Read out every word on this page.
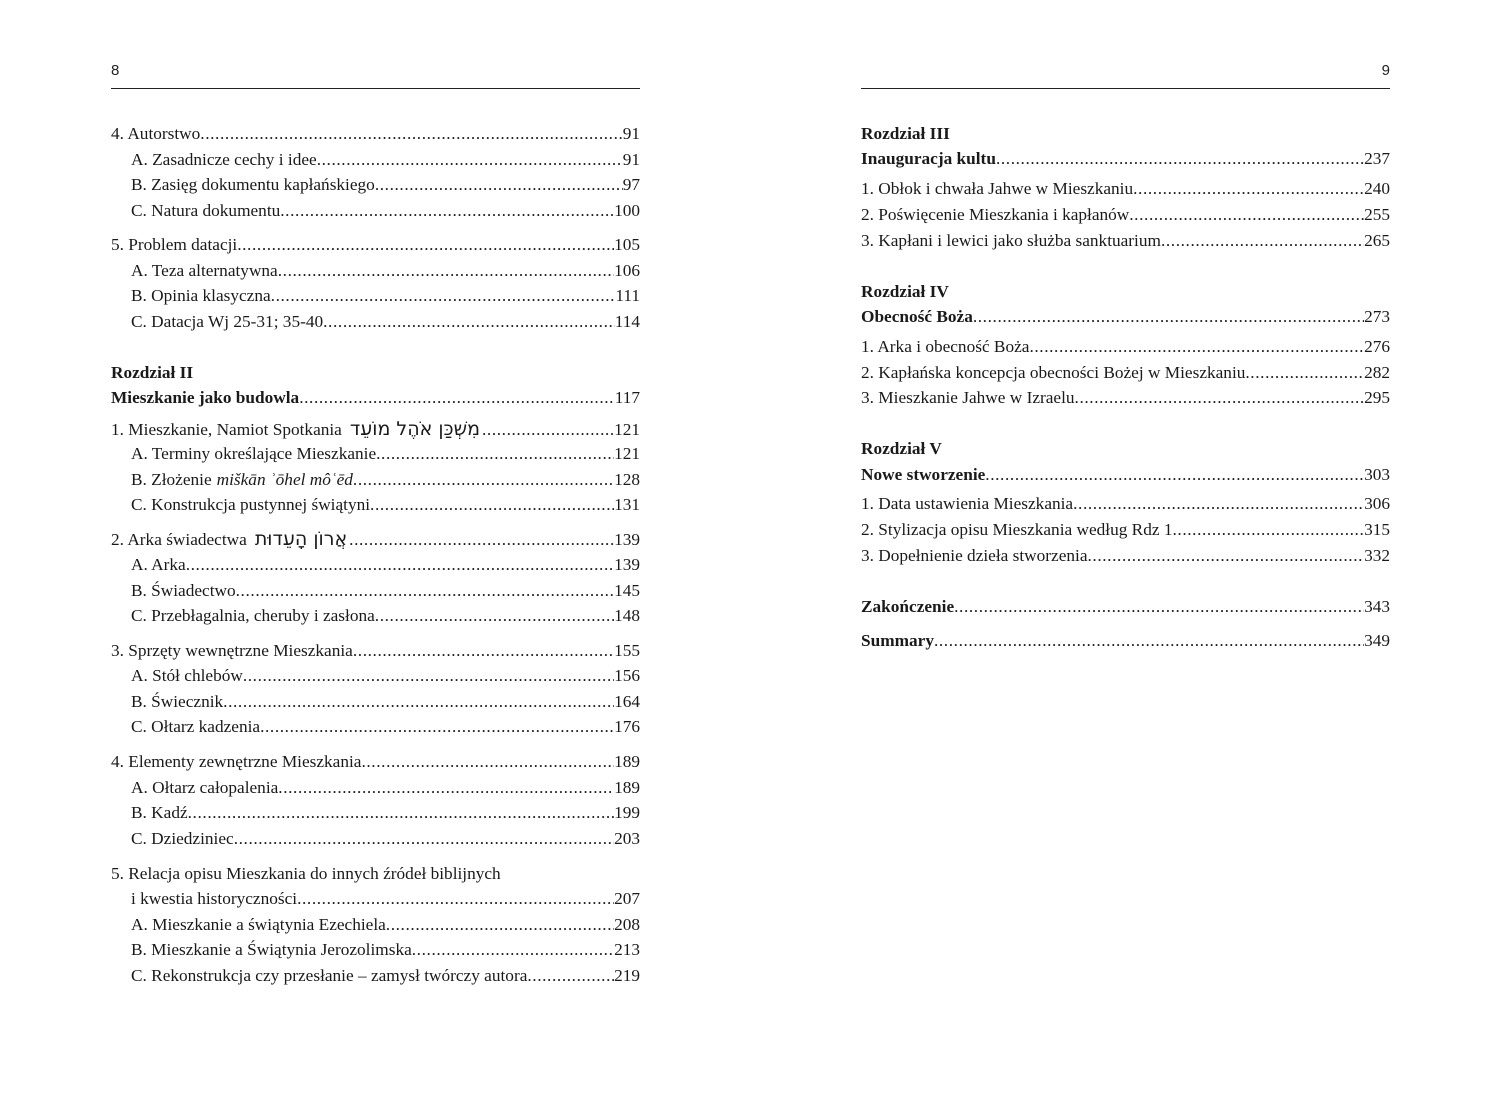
8
4. Autorstwo .....	91
A. Zasadnicze cechy i idee .....	91
B. Zasięg dokumentu kapłańskiego .....	97
C. Natura dokumentu .....	100
5. Problem datacji .....	105
A. Teza alternatywna .....	106
B. Opinia klasyczna .....	111
C. Datacja Wj 25-31; 35-40 .....	114
Rozdział II
Mieszkanie jako budowla .....	117
1. Mieszkanie, Namiot Spotkania מִשְׁכַּן אֹהֶל מוֹעֵד .....	121
A. Terminy określające Mieszkanie .....	121
B. Złożenie miškān ʾōhel môʿēd .....	128
C. Konstrukcja pustynnej świątyni .....	131
2. Arka świadectwa אֲרוֹן הָעֵדוּת .....	139
A. Arka .....	139
B. Świadectwo .....	145
C. Przebłagalnia, cheruby i zasłona .....	148
3. Sprzęty wewnętrzne Mieszkania .....	155
A. Stół chlebów .....	156
B. Świecznik .....	164
C. Ołtarz kadzenia .....	176
4. Elementy zewnętrzne Mieszkania .....	189
A. Ołtarz całopalenia .....	189
B. Kadź .....	199
C. Dziedziniec .....	203
5. Relacja opisu Mieszkania do innych źródeł biblijnych
i kwestia historyczności .....	207
A. Mieszkanie a świątynia Ezechiela .....	208
B. Mieszkanie a Świątynia Jerozolimska .....	213
C. Rekonstrukcja czy przesłanie – zamysł twórczy autora .....	219
9
Rozdział III
Inauguracja kultu .....	237
1. Obłok i chwała Jahwe w Mieszkaniu .....	240
2. Poświęcenie Mieszkania i kapłanów .....	255
3. Kapłani i lewici jako służba sanktuarium .....	265
Rozdział IV
Obecność Boża .....	273
1. Arka i obecność Boża .....	276
2. Kapłańska koncepcja obecności Bożej w Mieszkaniu .....	282
3. Mieszkanie Jahwe w Izraelu .....	295
Rozdział V
Nowe stworzenie .....	303
1. Data ustawienia Mieszkania .....	306
2. Stylizacja opisu Mieszkania według Rdz 1 .....	315
3. Dopełnienie dzieła stworzenia .....	332
Zakończenie .....	343
Summary .....	349
